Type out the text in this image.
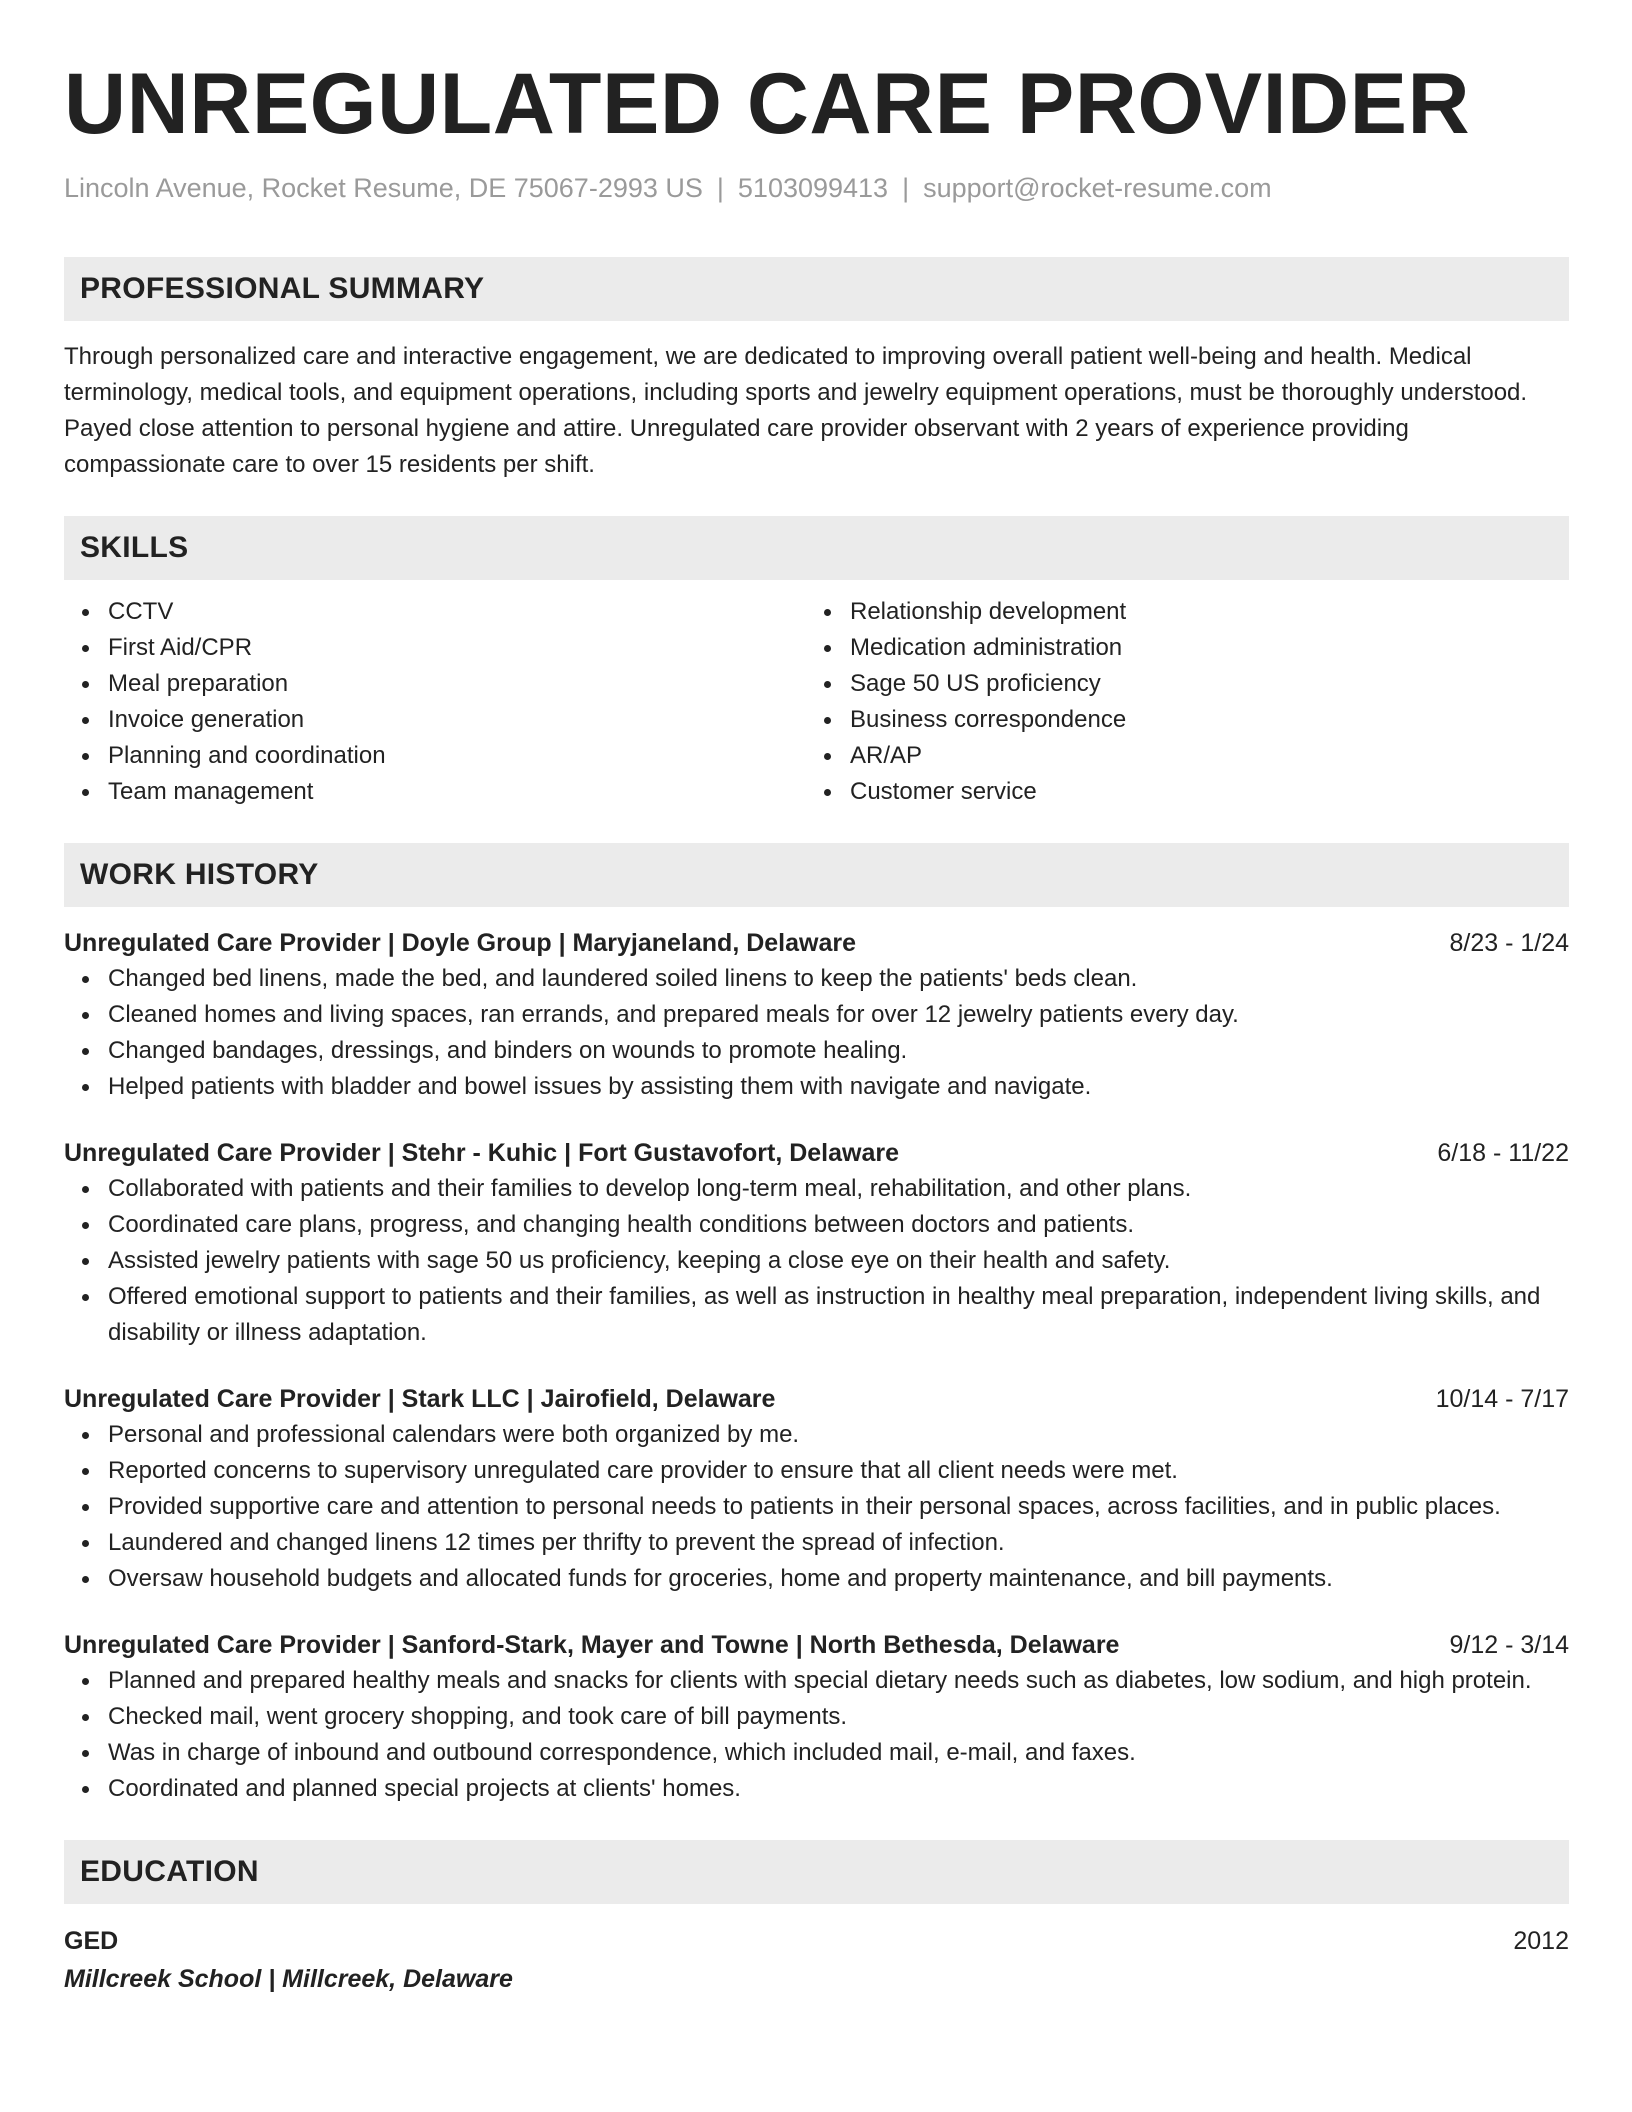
UNREGULATED CARE PROVIDER
Lincoln Avenue, Rocket Resume, DE 75067-2993 US | 5103099413 | support@rocket-resume.com
PROFESSIONAL SUMMARY

Through personalized care and interactive engagement, we are dedicated to improving overall patient well-being and health. Medical terminology, medical tools, and equipment operations, including sports and jewelry equipment operations, must be thoroughly understood. Payed close attention to personal hygiene and attire. Unregulated care provider observant with 2 years of experience providing compassionate care to over 15 residents per shift.

SKILLS
CCTV
First Aid/CPR
Meal preparation
Invoice generation
Planning and coordination
Team management
Relationship development
Medication administration
Sage 50 US proficiency
Business correspondence
AR/AP
Customer service
WORK HISTORY
Unregulated Care Provider | Doyle Group | Maryjaneland, Delaware	8/23 - 1/24
Changed bed linens, made the bed, and laundered soiled linens to keep the patients' beds clean.
Cleaned homes and living spaces, ran errands, and prepared meals for over 12 jewelry patients every day.
Changed bandages, dressings, and binders on wounds to promote healing.
Helped patients with bladder and bowel issues by assisting them with navigate and navigate.
Unregulated Care Provider | Stehr - Kuhic | Fort Gustavofort, Delaware	6/18 - 11/22
Collaborated with patients and their families to develop long-term meal, rehabilitation, and other plans.
Coordinated care plans, progress, and changing health conditions between doctors and patients.
Assisted jewelry patients with sage 50 us proficiency, keeping a close eye on their health and safety.
Offered emotional support to patients and their families, as well as instruction in healthy meal preparation, independent living skills, and disability or illness adaptation.
Unregulated Care Provider | Stark LLC | Jairofield, Delaware	10/14 - 7/17
Personal and professional calendars were both organized by me.
Reported concerns to supervisory unregulated care provider to ensure that all client needs were met.
Provided supportive care and attention to personal needs to patients in their personal spaces, across facilities, and in public places.
Laundered and changed linens 12 times per thrifty to prevent the spread of infection.
Oversaw household budgets and allocated funds for groceries, home and property maintenance, and bill payments.
Unregulated Care Provider | Sanford-Stark, Mayer and Towne | North Bethesda, Delaware	9/12 - 3/14
Planned and prepared healthy meals and snacks for clients with special dietary needs such as diabetes, low sodium, and high protein.
Checked mail, went grocery shopping, and took care of bill payments.
Was in charge of inbound and outbound correspondence, which included mail, e-mail, and faxes.
Coordinated and planned special projects at clients' homes.
EDUCATION
GED	2012
Millcreek School | Millcreek, Delaware
